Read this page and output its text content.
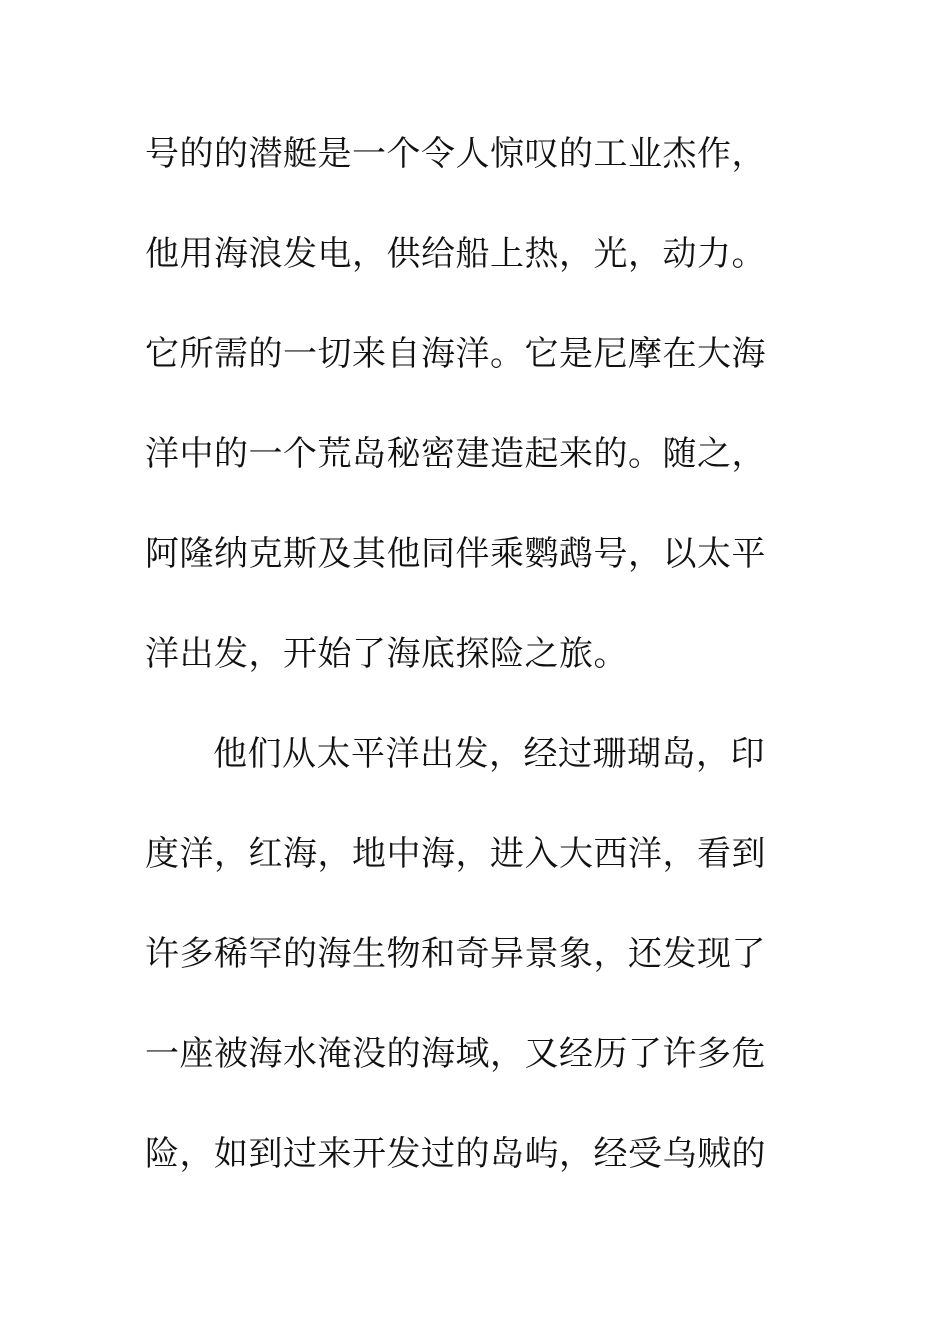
号的的潜艇是一个令人惊叹的工业杰作，
他用海浪发电，供给船上热，光，动力。
它所需的一切来自海洋。它是尼摩在大海
洋中的一个荒岛秘密建造起来的。随之，
阿隆纳克斯及其他同伴乘鹦鹉号，以太平
洋出发，开始了海底探险之旅。
他们从太平洋出发，经过珊瑚岛，印
度洋，红海，地中海，进入大西洋，看到
许多稀罕的海生物和奇异景象，还发现了
一座被海水淹没的海域，又经历了许多危
险，如到过来开发过的岛屿，经受乌贼的
